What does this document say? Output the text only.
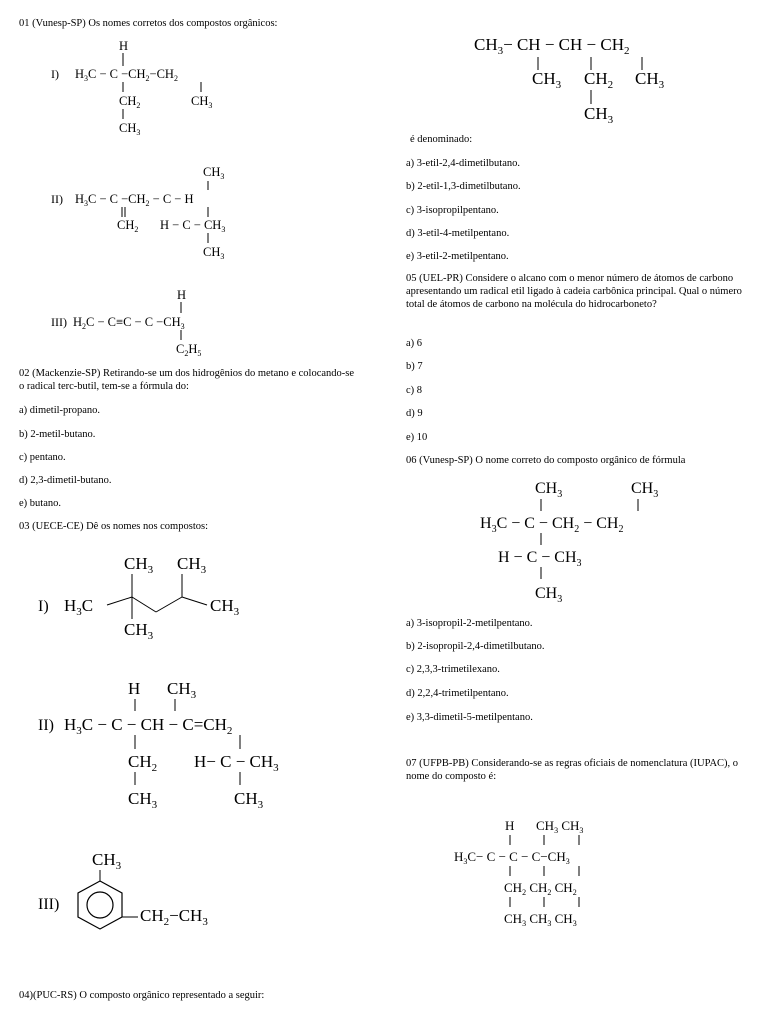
01 (Vunesp-SP) Os nomes corretos dos compostos orgânicos:
I)
H
$H_3C - C -CH_2-CH_2$
$CH_2$	$CH_3$
$CH_3$
II)
$CH_3$
$H_3C - C -CH_2 - C - H$
$CH_2$ $H - C - CH_3$
$CH_3$
III)
H
$H_2C - C\equiv C - C -CH_3$
$C_2H_5$
02 (Mackenzie-SP) Retirando-se um dos hidrogênios do metano e colocando-se o radical terc-butil, tem-se a fórmula do:
a) dimetil-propano.
b) 2-metil-butano.
c) pentano.
d) 2,3-dimetil-butano.
e) butano.
03 (UECE-CE) Dê os nomes nos compostos:
I)
$CH_3$ $CH_3$
$H_3C$	$CH_3$
$CH_3$
II)
H $CH_3$
$H_3C - C$ − CH − $C=CH_2$
$CH_2$ $H- C - CH_3$
$CH_3$	$CH_3$
III)
$CH_3$
$CH_2-CH_3$
04)(PUC-RS) O composto orgânico representado a seguir:
$CH_3-$ CH − CH − $CH_2$
$CH_3$ $CH_2$ $CH_3$
$CH_3$
é denominado:
a) 3-etil-2,4-dimetilbutano.
b) 2-etil-1,3-dimetilbutano.
c) 3-isopropilpentano.
d) 3-etil-4-metilpentano.
e) 3-etil-2-metilpentano.
05 (UEL-PR) Considere o alcano com o menor número de átomos de carbono apresentando um radical etil ligado à cadeia carbônica principal. Qual o número total de átomos de carbono na molécula do hidrocarboneto?
a) 6
b) 7
c) 8
d) 9
e) 10
06 (Vunesp-SP) O nome correto do composto orgânico de fórmula
$CH_3$	$CH_3$
$H_3C - C - CH_2 - CH_2$
$H - C - CH_3$
$CH_3$
a) 3-isopropil-2-metilpentano.
b) 2-isopropil-2,4-dimetilbutano.
c) 2,3,3-trimetilexano.
d) 2,2,4-trimetilpentano.
e) 3,3-dimetil-5-metilpentano.
07 (UFPB-PB) Considerando-se as regras oficiais de nomenclatura (IUPAC), o nome do composto é:
H $CH_3$ $CH_3$
$H_3C- C - C - C-CH_3$
$CH_2$ $CH_2$ $CH_2$
$CH_3$ $CH_3$ $CH_3$
